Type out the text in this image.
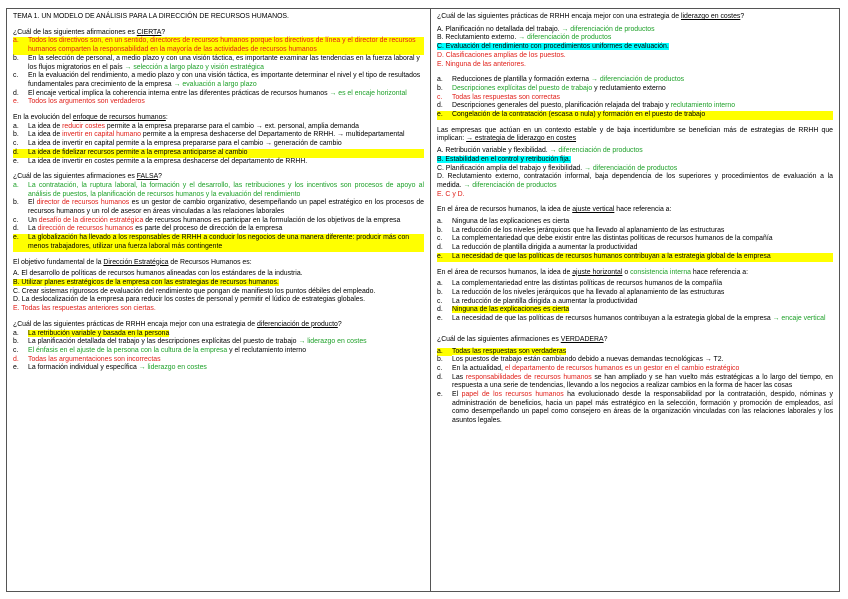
TEMA 1. UN MODELO DE ANÁLISIS PARA LA DIRECCIÓN DE RECURSOS HUMANOS.

¿Cuál de las siguientes afirmaciones es CIERTA?

a.	Todos los directivos son, en un sentido, directores de recursos humanos porque los directivos de línea y el director de recursos humanos comparten la responsabilidad en la mayoría de las actividades de recursos humanos

b.	En la selección de personal, a medio plazo y con una visión táctica, es importante examinar las tendencias en la fuerza laboral y los flujos migratorios en el país → selección a largo plazo y visión estratégica

c.	En la evaluación del rendimiento, a medio plazo y con una visión táctica, es importante determinar el nivel y el tipo de resultados fundamentales para crecimiento de la empresa → evaluación a largo plazo

d.	El encaje vertical implica la coherencia interna entre las diferentes prácticas de recursos humanos → es el encaje horizontal

e.	Todos los argumentos son verdaderos

En la evolución del enfoque de recursos humanos:

a.	La idea de reducir costes permite a la empresa prepararse para el cambio → ext. personal, amplia demanda

b.	La idea de invertir en capital humano permite a la empresa deshacerse del Departamento de RRHH. → multidepartamental

c.	La idea de invertir en capital permite a la empresa prepararse para el cambio → generación de cambio

d.	La idea de fidelizar recursos permite a la empresa anticiparse al cambio

e.	La idea de invertir en costes permite a la empresa deshacerse del departamento de RRHH.

¿Cuál de las siguientes afirmaciones es FALSA?

a.	La contratación, la ruptura laboral, la formación y el desarrollo, las retribuciones y los incentivos son procesos de apoyo al análisis de puestos, la planificación de recursos humanos y la evaluación del rendimiento

b.	El director de recursos humanos es un gestor de cambio organizativo, desempeñando un papel estratégico en los procesos de recursos humanos y un rol de asesor en áreas vinculadas a las relaciones laborales

c.	Un desafío de la dirección estratégica de recursos humanos es participar en la formulación de los objetivos de la empresa

d.	La dirección de recursos humanos es parte del proceso de dirección de la empresa

e.	La globalización ha llevado a los responsables de RRHH a conducir los negocios de una manera diferente: producir más con menos trabajadores, utilizar una fuerza laboral más contingente

El objetivo fundamental de la Dirección Estratégica de Recursos Humanos es:

A. El desarrollo de políticas de recursos humanos alineadas con los estándares de la industria.

B. Utilizar planes estratégicos de la empresa con las estrategias de recursos humanos.

C. Crear sistemas rigurosos de evaluación del rendimiento que pongan de manifiesto los puntos débiles del empleado.

D. La deslocalización de la empresa para reducir los costes de personal y permitir el lúdico de estrategias globales.

E. Todas las respuestas anteriores son ciertas.

¿Cuál de las siguientes prácticas de RRHH encaja mejor con una estrategia de diferenciación de producto?

a.	La retribución variable y basada en la persona

b.	La planificación detallada del trabajo y las descripciones explícitas del puesto de trabajo → liderazgo en costes

c.	El énfasis en el ajuste de la persona con la cultura de la empresa y el reclutamiento interno

d.	Todas las argumentaciones son incorrectas

e.	La formación individual y específica → liderazgo en costes

¿Cuál de las siguientes prácticas de RRHH encaja mejor con una estrategia de liderazgo en costes?

A. Planificación no detallada del trabajo. → diferenciación de productos

B. Reclutamiento externo. → diferenciación de productos

C. Evaluación del rendimiento con procedimientos uniformes de evaluación.

D. Clasificaciones amplias de los puestos.

E. Ninguna de las anteriores.

a.	Reducciones de plantilla y formación externa → diferenciación de productos

b.	Descripciones explícitas del puesto de trabajo y reclutamiento externo

c.	Todas las respuestas son correctas

d.	Descripciones generales del puesto, planificación relajada del trabajo y reclutamiento interno

e.	Congelación de la contratación (escasa o nula) y formación en el puesto de trabajo

Las empresas que actúan en un contexto estable y de baja incertidumbre se benefician más de estrategias de RRHH que implican: → estrategia de liderazgo en costes

A. Retribución variable y flexibilidad. → diferenciación de productos

B. Estabilidad en el control y retribución fija.

C. Planificación amplia del trabajo y flexibilidad. → diferenciación de productos

D. Reclutamiento externo, contratación informal, baja dependencia de los superiores y procedimientos de evaluación a la medida. → diferenciación de productos

E. C y D.

En el área de recursos humanos, la idea de ajuste vertical hace referencia a:

a.	Ninguna de las explicaciones es cierta

b.	La reducción de los niveles jerárquicos que ha llevado al aplanamiento de las estructuras

c.	La complementariedad que debe existir entre las distintas políticas de recursos humanos de la compañía

d.	La reducción de plantilla dirigida a aumentar la productividad

e.	La necesidad de que las políticas de recursos humanos contribuyan a la estrategia global de la empresa

En el área de recursos humanos, la idea de ajuste horizontal o consistencia interna hace referencia a:

a.	La complementariedad entre las distintas políticas de recursos humanos de la compañía

b.	La reducción de los niveles jerárquicos que ha llevado al aplanamiento de las estructuras

c.	La reducción de plantilla dirigida a aumentar la productividad

d.	Ninguna de las explicaciones es cierta

e.	La necesidad de que las políticas de recursos humanos contribuyan a la estrategia global de la empresa → encaje vertical

¿Cuál de las siguientes afirmaciones es VERDADERA?

a.	Todas las respuestas son verdaderas

b.	Los puestos de trabajo están cambiando debido a nuevas demandas tecnológicas → T2.

c.	En la actualidad, el departamento de recursos humanos es un gestor en el cambio estratégico

d.	Las responsabilidades de recursos humanos se han ampliado y se han vuelto más estratégicas a lo largo del tiempo, en respuesta a una serie de tendencias, llevando a los negocios a realizar cambios en la forma de hacer las cosas

e.	El papel de los recursos humanos ha evolucionado desde la responsabilidad por la contratación, despido, nóminas y administración de beneficios, hacia un papel más estratégico en la selección, formación y promoción de empleados, así como desempeñando un papel como consejero en áreas de la organización vinculadas con las relaciones laborales y los asuntos legales.
